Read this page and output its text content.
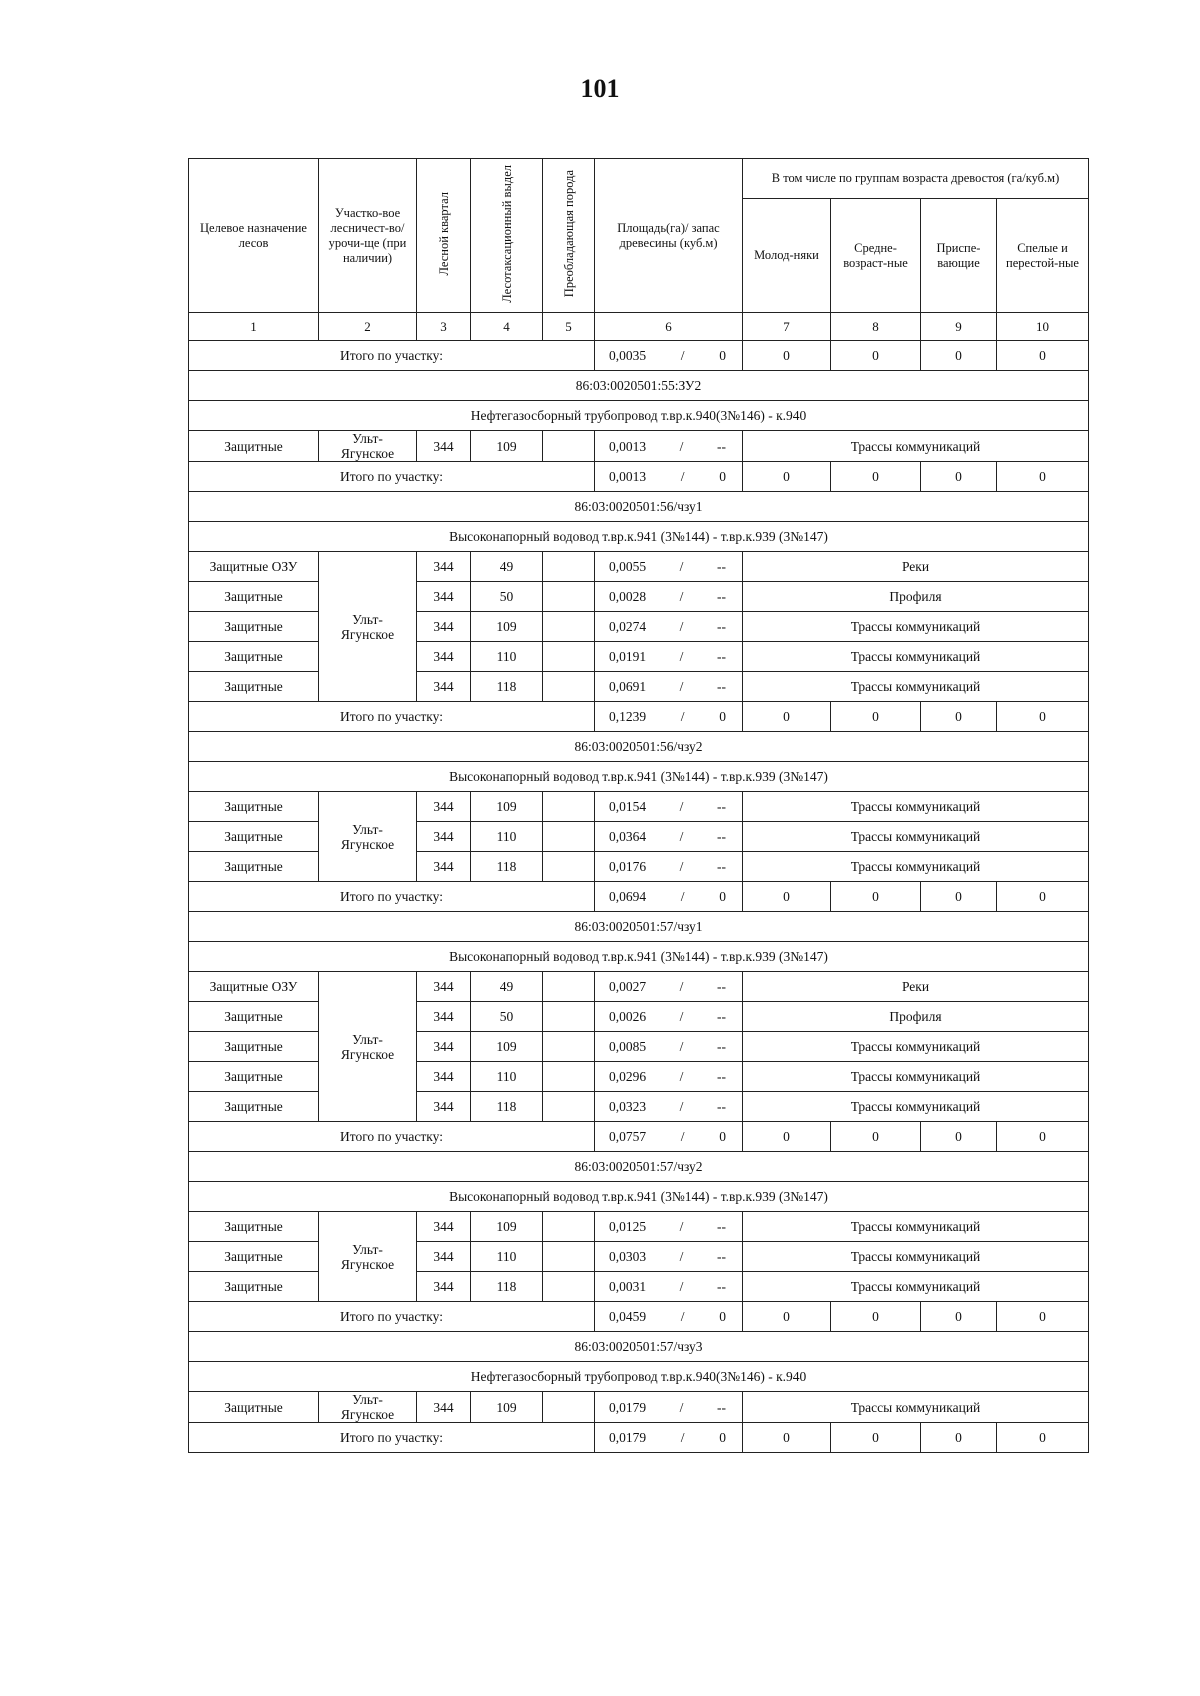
101
Целевое назначение лесов	Участко-вое лесничест-во/урочи-ще (при наличии)	Лесной квартал	Лесотаксационный выдел	Преобладающая порода	Площадь(га)/ запас древесины (куб.м)	В том числе по группам возраста древостоя (га/куб.м)			
						Молод-няки	Средне-возраст-ные	Приспе-вающие	Спелые и перестой-ные
1	2	3	4	5	6	7	8	9	10
Итого по участку:					0,0035 / 0	0	0	0	0
86:03:0020501:55:ЗУ2									
Нефтегазосборный трубопровод т.вр.к.940(3№146) - к.940									
Защитные	Ульт-Ягунское	344	109		0,0013 / --	Трассы коммуникаций			
Итого по участку:					0,0013 / 0	0	0	0	0
86:03:0020501:56/чзу1									
Высоконапорный водовод т.вр.к.941 (3№144) - т.вр.к.939 (3№147)									
Защитные ОЗУ	Ульт-Ягунское	344	49		0,0055 / --	Реки			
Защитные		344	50		0,0028 / --	Профиля			
Защитные		344	109		0,0274 / --	Трассы коммуникаций			
Защитные		344	110		0,0191 / --	Трассы коммуникаций			
Защитные		344	118		0,0691 / --	Трассы коммуникаций			
Итого по участку:					0,1239 / 0	0	0	0	0
86:03:0020501:56/чзу2									
Высоконапорный водовод т.вр.к.941 (3№144) - т.вр.к.939 (3№147)									
Защитные	Ульт-Ягунское	344	109		0,0154 / --	Трассы коммуникаций			
Защитные		344	110		0,0364 / --	Трассы коммуникаций			
Защитные		344	118		0,0176 / --	Трассы коммуникаций			
Итого по участку:					0,0694 / 0	0	0	0	0
86:03:0020501:57/чзу1									
Высоконапорный водовод т.вр.к.941 (3№144) - т.вр.к.939 (3№147)									
Защитные ОЗУ	Ульт-Ягунское	344	49		0,0027 / --	Реки			
Защитные		344	50		0,0026 / --	Профиля			
Защитные		344	109		0,0085 / --	Трассы коммуникаций			
Защитные		344	110		0,0296 / --	Трассы коммуникаций			
Защитные		344	118		0,0323 / --	Трассы коммуникаций			
Итого по участку:					0,0757 / 0	0	0	0	0
86:03:0020501:57/чзу2									
Высоконапорный водовод т.вр.к.941 (3№144) - т.вр.к.939 (3№147)									
Защитные	Ульт-Ягунское	344	109		0,0125 / --	Трассы коммуникаций			
Защитные		344	110		0,0303 / --	Трассы коммуникаций			
Защитные		344	118		0,0031 / --	Трассы коммуникаций			
Итого по участку:					0,0459 / 0	0	0	0	0
86:03:0020501:57/чзу3									
Нефтегазосборный трубопровод т.вр.к.940(3№146) - к.940									
Защитные	Ульт-Ягунское	344	109		0,0179 / --	Трассы коммуникаций			
Итого по участку:					0,0179 / 0	0	0	0	0
